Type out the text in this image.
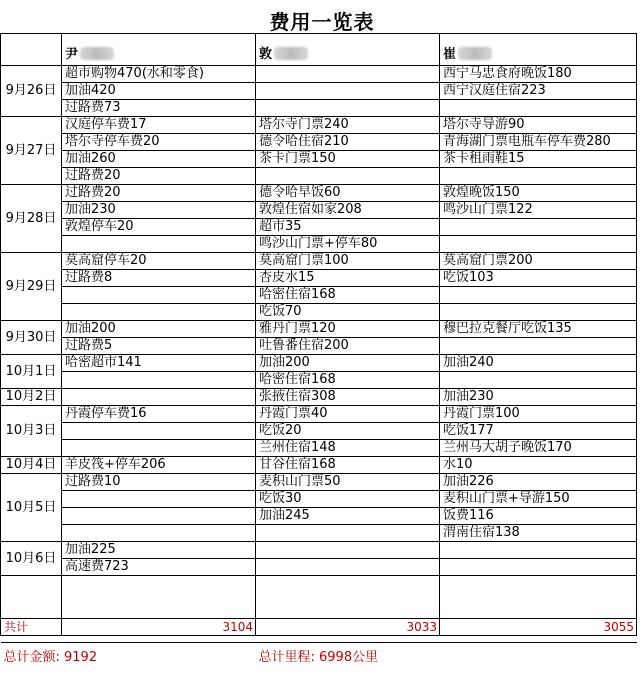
费用一览表
	尹	敦	崔
9月26日	超市购物470(水和零食)		西宁马忠食府晚饭180
	加油420		西宁汉庭住宿223
	过路费73		
9月27日	汉庭停车费17	塔尔寺门票240	塔尔寺导游90
	塔尔寺停车费20	德令哈住宿210	青海湖门票电瓶车停车费280
	加油260	茶卡门票150	茶卡租雨鞋15
	过路费20		
9月28日	过路费20	德令哈早饭60	敦煌晚饭150
	加油230	敦煌住宿如家208	鸣沙山门票122
	敦煌停车20	超市35	
		鸣沙山门票+停车80	
9月29日	莫高窟停车20	莫高窟门票100	莫高窟门票200
	过路费8	杏皮水15	吃饭103
		哈密住宿168	
		吃饭70	
9月30日	加油200	雅丹门票120	穆巴拉克餐厅吃饭135
	过路费5	吐鲁番住宿200	
10月1日	哈密超市141	加油200	加油240
		哈密住宿168	
10月2日		张掖住宿308	加油230
10月3日	丹霞停车费16	丹霞门票40	丹霞门票100
		吃饭20	吃饭177
		兰州住宿148	兰州马大胡子晚饭170
10月4日	羊皮筏+停车206	甘谷住宿168	水10
10月5日	过路费10	麦积山门票50	加油226
		吃饭30	麦积山门票+导游150
		加油245	饭费116
			渭南住宿138
10月6日	加油225		
	高速费723		

共计	3104	3033	3055

总计金额: 9192		总计里程: 6998公里	
